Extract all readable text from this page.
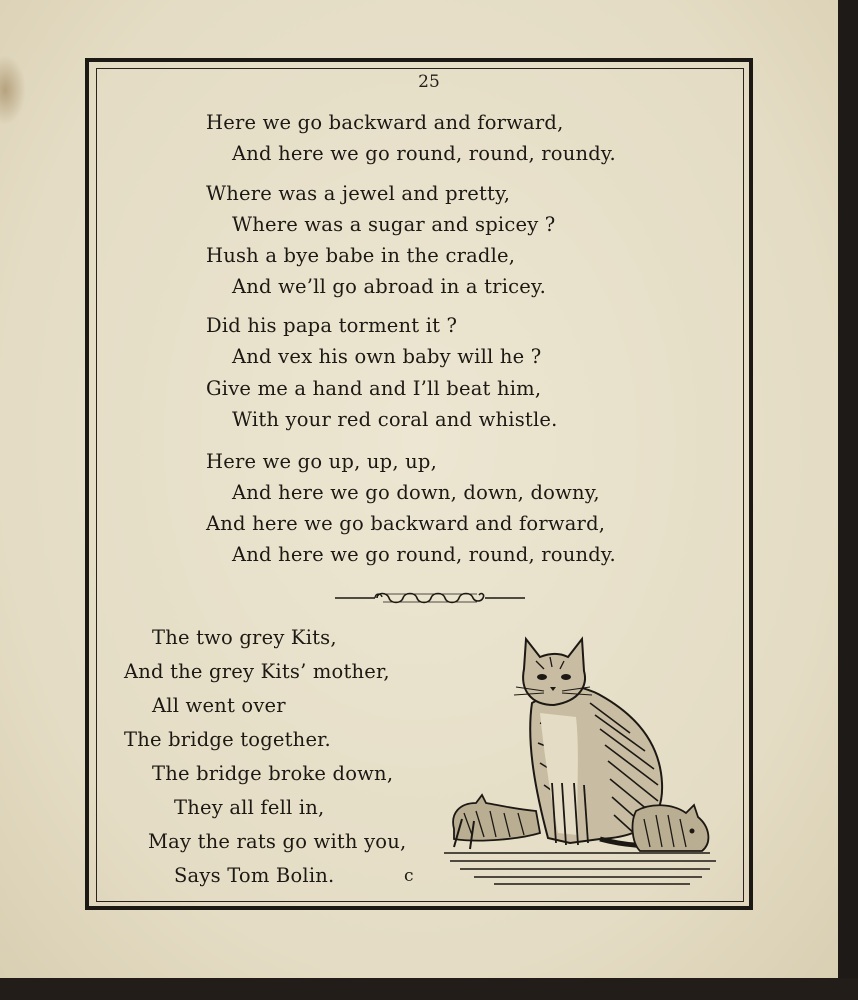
25
Here we go backward and forward,
And here we go round, round, roundy.
Where was a jewel and pretty,
Where was a sugar and spicey ?
Hush a bye babe in the cradle,
And we’ll go abroad in a tricey.
Did his papa torment it ?
And vex his own baby will he ?
Give me a hand and I’ll beat him,
With your red coral and whistle.
Here we go up, up, up,
And here we go down, down, downy,
And here we go backward and forward,
And here we go round, round, roundy.
The two grey Kits,
And the grey Kits’ mother,
All went over
The bridge together.
The bridge broke down,
They all fell in,
May the rats go with you,
Says Tom Bolin.	c
